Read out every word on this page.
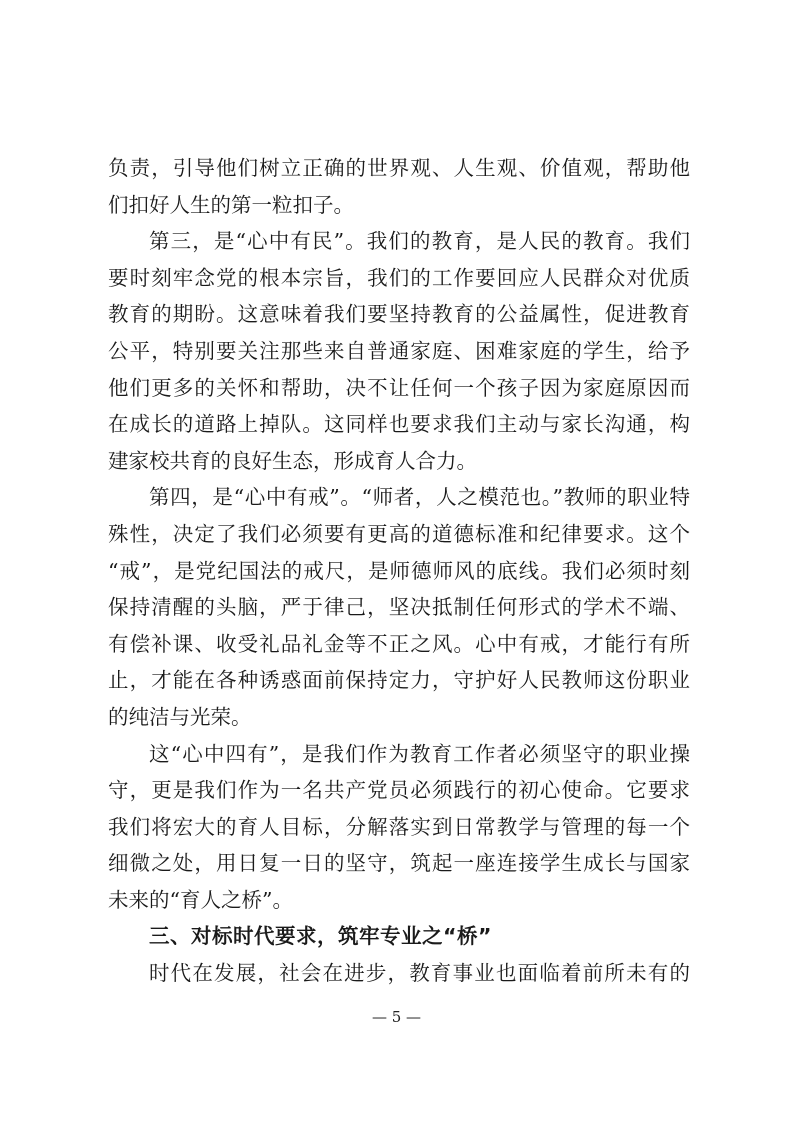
负责，引导他们树立正确的世界观、人生观、价值观，帮助他
们扣好人生的第一粒扣子。
第三，是“心中有民”。我们的教育，是人民的教育。我们
要时刻牢念党的根本宗旨，我们的工作要回应人民群众对优质
教育的期盼。这意味着我们要坚持教育的公益属性，促进教育
公平，特别要关注那些来自普通家庭、困难家庭的学生，给予
他们更多的关怀和帮助，决不让任何一个孩子因为家庭原因而
在成长的道路上掉队。这同样也要求我们主动与家长沟通，构
建家校共育的良好生态，形成育人合力。
第四，是“心中有戒”。“师者，人之模范也。”教师的职业特
殊性，决定了我们必须要有更高的道德标准和纪律要求。这个
“戒”，是党纪国法的戒尺，是师德师风的底线。我们必须时刻
保持清醒的头脑，严于律己，坚决抵制任何形式的学术不端、
有偿补课、收受礼品礼金等不正之风。心中有戒，才能行有所
止，才能在各种诱惑面前保持定力，守护好人民教师这份职业
的纯洁与光荣。
这“心中四有”，是我们作为教育工作者必须坚守的职业操
守，更是我们作为一名共产党员必须践行的初心使命。它要求
我们将宏大的育人目标，分解落实到日常教学与管理的每一个
细微之处，用日复一日的坚守，筑起一座连接学生成长与国家
未来的“育人之桥”。
三、对标时代要求，筑牢专业之“桥”
时代在发展，社会在进步，教育事业也面临着前所未有的
— 5 —
